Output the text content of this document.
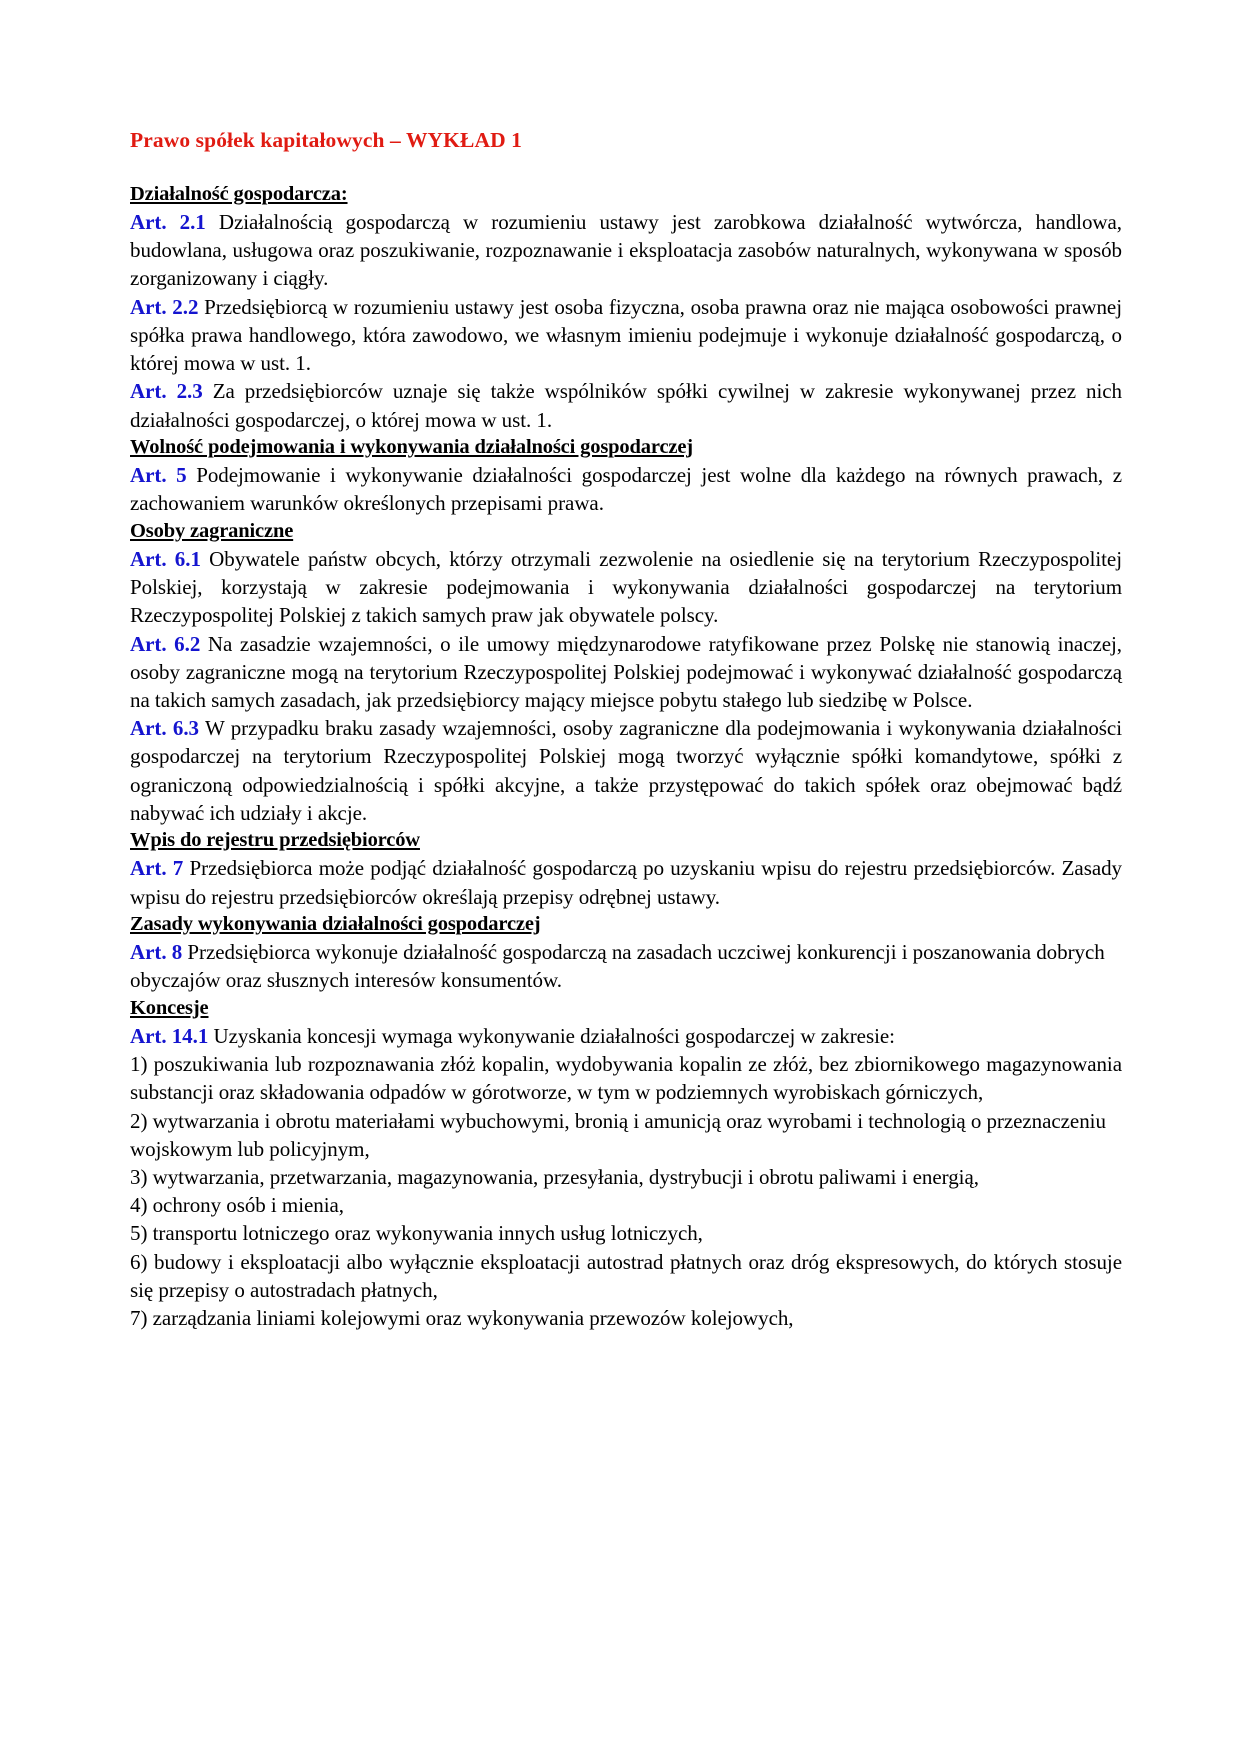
Prawo spółek kapitałowych – WYKŁAD 1
Działalność gospodarcza:

Art. 2.1 Działalnością gospodarczą w rozumieniu ustawy jest zarobkowa działalność wytwórcza, handlowa, budowlana, usługowa oraz poszukiwanie, rozpoznawanie i eksploatacja zasobów naturalnych, wykonywana w sposób zorganizowany i ciągły.

Art. 2.2 Przedsiębiorcą w rozumieniu ustawy jest osoba fizyczna, osoba prawna oraz nie mająca osobowości prawnej spółka prawa handlowego, która zawodowo, we własnym imieniu podejmuje i wykonuje działalność gospodarczą, o której mowa w ust. 1.

Art. 2.3 Za przedsiębiorców uznaje się także wspólników spółki cywilnej w zakresie wykonywanej przez nich działalności gospodarczej, o której mowa w ust. 1.

Wolność podejmowania i wykonywania działalności gospodarczej

Art. 5 Podejmowanie i wykonywanie działalności gospodarczej jest wolne dla każdego na równych prawach, z zachowaniem warunków określonych przepisami prawa.

Osoby zagraniczne

Art. 6.1 Obywatele państw obcych, którzy otrzymali zezwolenie na osiedlenie się na terytorium Rzeczypospolitej Polskiej, korzystają w zakresie podejmowania i wykonywania działalności gospodarczej na terytorium Rzeczypospolitej Polskiej z takich samych praw jak obywatele polscy.

Art. 6.2 Na zasadzie wzajemności, o ile umowy międzynarodowe ratyfikowane przez Polskę nie stanowią inaczej, osoby zagraniczne mogą na terytorium Rzeczypospolitej Polskiej podejmować i wykonywać działalność gospodarczą na takich samych zasadach, jak przedsiębiorcy mający miejsce pobytu stałego lub siedzibę w Polsce.

Art. 6.3 W przypadku braku zasady wzajemności, osoby zagraniczne dla podejmowania i wykonywania działalności gospodarczej na terytorium Rzeczypospolitej Polskiej mogą tworzyć wyłącznie spółki komandytowe, spółki z ograniczoną odpowiedzialnością i spółki akcyjne, a także przystępować do takich spółek oraz obejmować bądź nabywać ich udziały i akcje.

Wpis do rejestru przedsiębiorców

Art. 7 Przedsiębiorca może podjąć działalność gospodarczą po uzyskaniu wpisu do rejestru przedsiębiorców. Zasady wpisu do rejestru przedsiębiorców określają przepisy odrębnej ustawy.

Zasady wykonywania działalności gospodarczej

Art. 8 Przedsiębiorca wykonuje działalność gospodarczą na zasadach uczciwej konkurencji i poszanowania dobrych obyczajów oraz słusznych interesów konsumentów.

Koncesje

Art. 14.1 Uzyskania koncesji wymaga wykonywanie działalności gospodarczej w zakresie:

1) poszukiwania lub rozpoznawania złóż kopalin, wydobywania kopalin ze złóż, bez zbiornikowego magazynowania substancji oraz składowania odpadów w górotworze, w tym w podziemnych wyrobiskach górniczych,

2) wytwarzania i obrotu materiałami wybuchowymi, bronią i amunicją oraz wyrobami i technologią o przeznaczeniu wojskowym lub policyjnym,

3) wytwarzania, przetwarzania, magazynowania, przesyłania, dystrybucji i obrotu paliwami i energią,

4) ochrony osób i mienia,

5) transportu lotniczego oraz wykonywania innych usług lotniczych,

6) budowy i eksploatacji albo wyłącznie eksploatacji autostrad płatnych oraz dróg ekspresowych, do których stosuje się przepisy o autostradach płatnych,

7) zarządzania liniami kolejowymi oraz wykonywania przewozów kolejowych,
